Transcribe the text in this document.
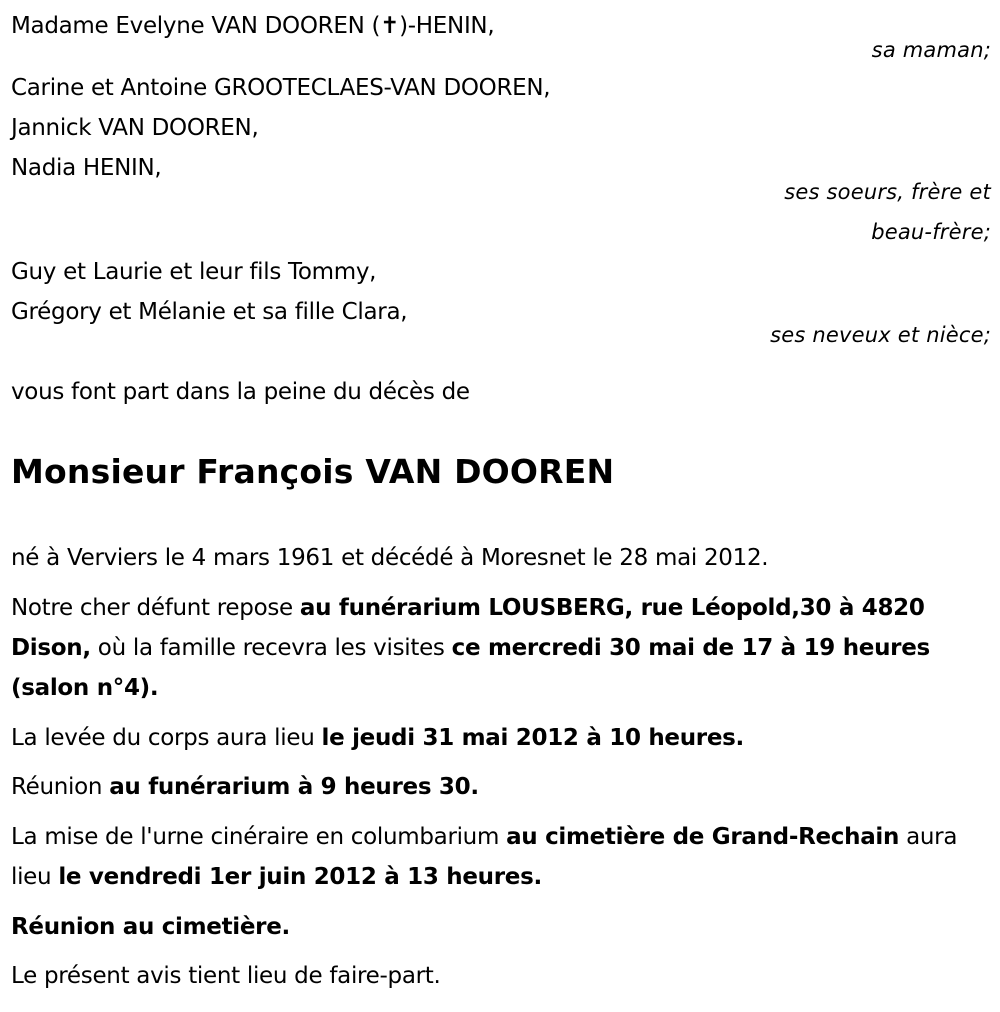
Madame Evelyne VAN DOOREN (✝)-HENIN,
sa maman;
Carine et Antoine GROOTECLAES-VAN DOOREN,
Jannick VAN DOOREN,
Nadia HENIN,
ses soeurs, frère et
beau-frère;
Guy et Laurie et leur fils Tommy,
Grégory et Mélanie et sa fille Clara,
ses neveux et nièce;
vous font part dans la peine du décès de
Monsieur François VAN DOOREN
né à Verviers le 4 mars 1961 et décédé à Moresnet le 28 mai 2012.
Notre cher défunt repose au funérarium LOUSBERG, rue Léopold,30 à 4820 Dison, où la famille recevra les visites ce mercredi 30 mai de 17 à 19 heures (salon n°4).
La levée du corps aura lieu le jeudi 31 mai 2012 à 10 heures.
Réunion au funérarium à 9 heures 30.
La mise de l'urne cinéraire en columbarium au cimetière de Grand-Rechain aura lieu le vendredi 1er juin 2012 à 13 heures.
Réunion au cimetière.
Le présent avis tient lieu de faire-part.
